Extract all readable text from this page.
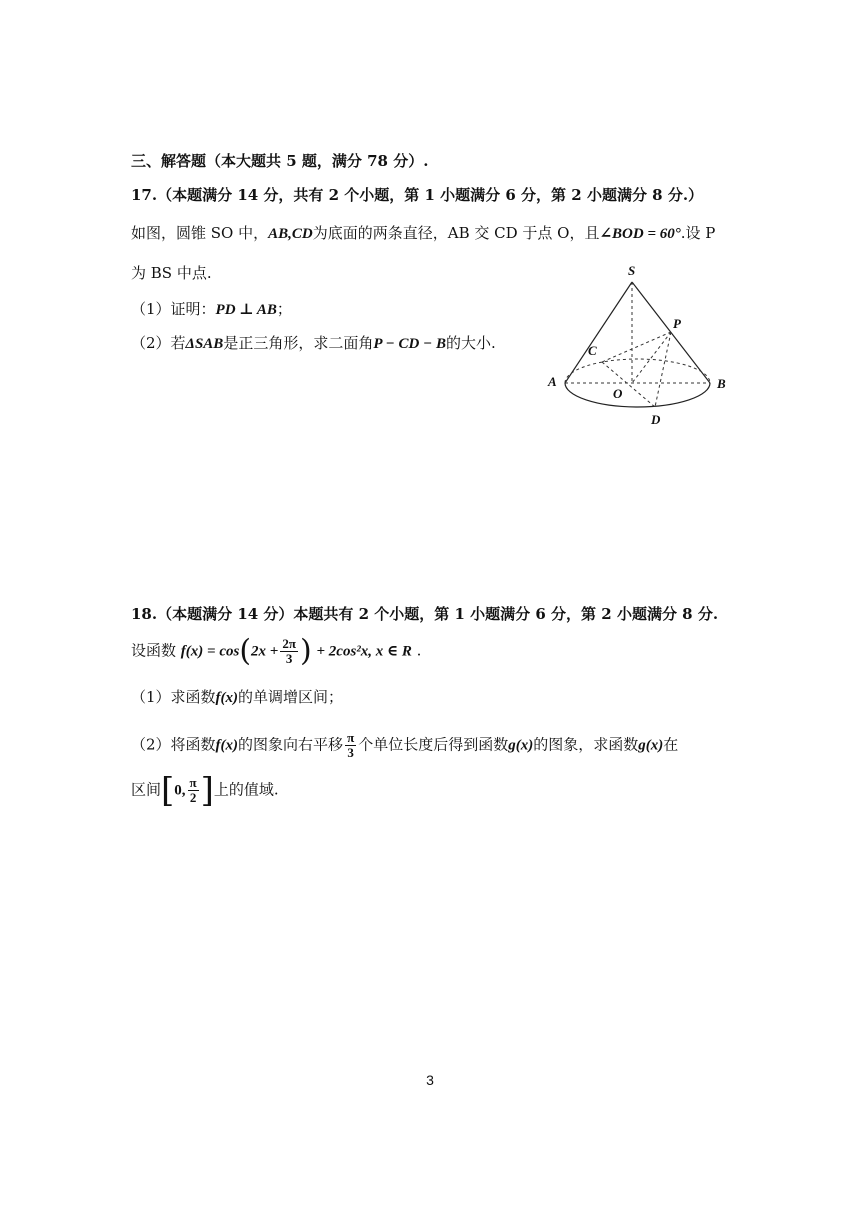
三、解答题（本大题共 5 题，满分 78 分）.
17.（本题满分 14 分，共有 2 个小题，第 1 小题满分 6 分，第 2 小题满分 8 分.）
如图，圆锥 SO 中，AB,CD为底面的两条直径，AB 交 CD 于点 O，且∠BOD = 60°.设 P
为 BS 中点.
（1）证明：PD ⊥ AB；
（2）若ΔSAB是正三角形，求二面角P − CD − B的大小.
S
P
C
A
O
B
D
18.（本题满分 14 分）本题共有 2 个小题，第 1 小题满分 6 分，第 2 小题满分 8 分.
设函数 $f(x) = \cos(2x + \frac{2\pi}{3}$ ) + 2cos²x, x ∈ R .
（1）求函数f(x)的单调增区间；
（2）将函数f(x)的图象向右平移 $\frac{\pi}{3}$ 个单位长度后得到函数g(x)的图象，求函数g(x)在
区间[0, $\frac{\pi}{2}$ ]上的值域.
3
